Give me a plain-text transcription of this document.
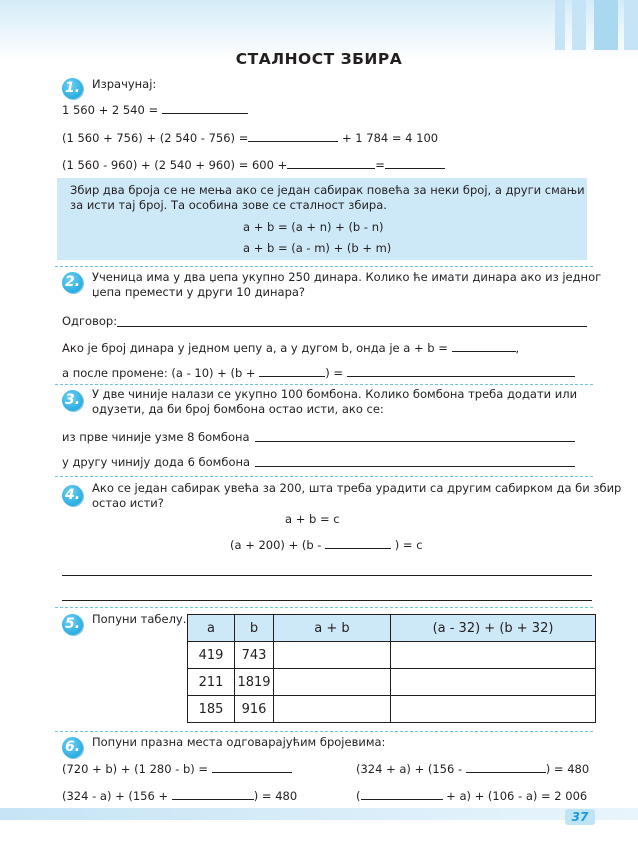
СТАЛНОСТ ЗБИРА
1. Израчунај:
1 560 + 2 540 =
(1 560 + 756) + (2 540 - 756) =	+ 1 784 = 4 100
(1 560 - 960) + (2 540 + 960) = 600 +	=
Збир два броја се не мења ако се један сабирак повећа за неки број, а други смањи
за исти тај број. Та особина зове се сталност збира.
a + b = (a + n) + (b - n)
a + b = (a - m) + (b + m)
2. Ученица има у два џепа укупно 250 динара. Колико ће имати динара ако из једног
џепа премести у други 10 динара?
Одговор:
Ако је број динара у једном џепу a, а у дугом b, онда је a + b =	,
а после промене: (a - 10) + (b +	) =
3. У две чиније налази се укупно 100 бомбона. Колико бомбона треба додати или
одузети, да би број бомбона остао исти, ако се:
из прве чиније узме 8 бомбона
у другу чинију дода 6 бомбона
4. Ако се један сабирак увећа за 200, шта треба урадити са другим сабирком да би збир
остао исти?
a + b = c
(a + 200) + (b -	) = c
5. Попуни табелу.
a	b	a + b	(a - 32) + (b + 32)
419	743		
211	1819		
185	916		
6. Попуни празна места одговарајућим бројевима:
(720 + b) + (1 280 - b) =	(324 + a) + (156 -	) = 480
(324 - a) + (156 +	) = 480	(	+ a) + (106 - a) = 2 006
37
